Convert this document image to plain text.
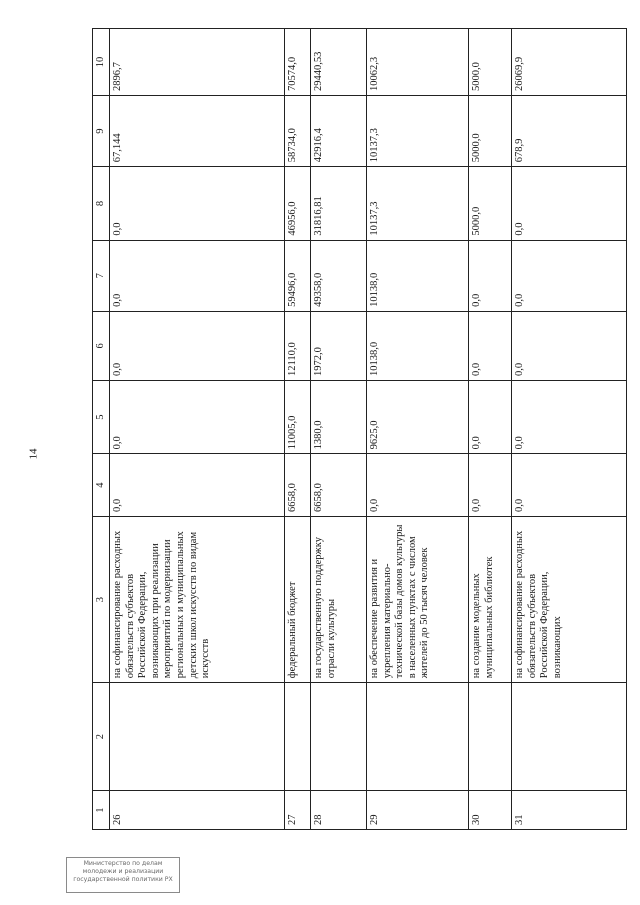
14
1	2	3	4	5	6	7	8	9	10
26		на софинансирование расходных обязательств субъектов Российской Федерации, возникающих при реализации мероприятий по модернизации региональных и муниципальных детских школ искусств по видам искусств	0,0	0,0	0,0	0,0	0,0	67,144	2896,7
27		федеральный бюджет	6658,0	11005,0	12110,0	59496,0	46956,0	58734,0	70574,0
28		на государственную поддержку отрасли культуры	6658,0	1380,0	1972,0	49358,0	31816,81	42916,4	29440,53
29		на обеспечение развития и укрепления материально-технической базы домов культуры в населенных пунктах с числом жителей до 50 тысяч человек	0,0	9625,0	10138,0	10138,0	10137,3	10137,3	10062,3
30		на создание модельных муниципальных библиотек	0,0	0,0	0,0	0,0	5000,0	5000,0	5000,0
31		на софинансирование расходных обязательств субъектов Российской Федерации, возникающих	0,0	0,0	0,0	0,0	0,0	678,9	26069,9
Министерство по делам
молодежи и реализации
государственной политики РХ
